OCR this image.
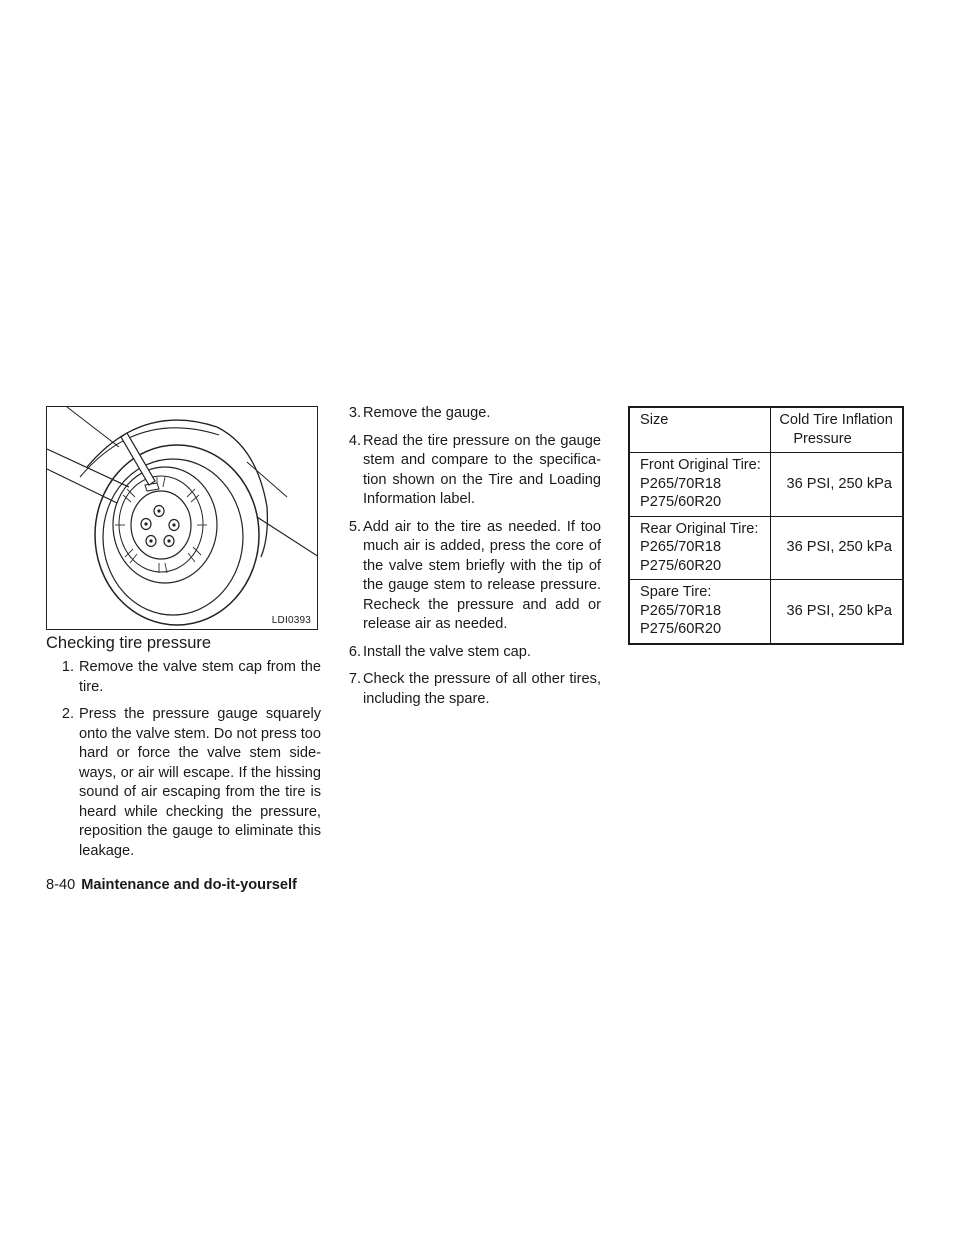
LDI0393
Checking tire pressure
1. Remove the valve stem cap from the tire.
2. Press the pressure gauge squarely onto the valve stem. Do not press too hard or force the valve stem side- ways, or air will escape. If the hissing sound of air escaping from the tire is heard while checking the pressure, reposition the gauge to eliminate this leakage.
3. Remove the gauge.
4. Read the tire pressure on the gauge stem and compare to the specifica- tion shown on the Tire and Loading Information label.
5. Add air to the tire as needed. If too much air is added, press the core of the valve stem briefly with the tip of the gauge stem to release pressure. Recheck the pressure and add or release air as needed.
6. Install the valve stem cap.
7. Check the pressure of all other tires, including the spare.
Size	Cold Tire Inflation
Pressure

Front Original Tire:
P265/70R18
P275/60R20	36 PSI, 250 kPa

Rear Original Tire:
P265/70R18
P275/60R20	36 PSI, 250 kPa

Spare Tire:
P265/70R18
P275/60R20	36 PSI, 250 kPa
8-40 Maintenance and do-it-yourself
